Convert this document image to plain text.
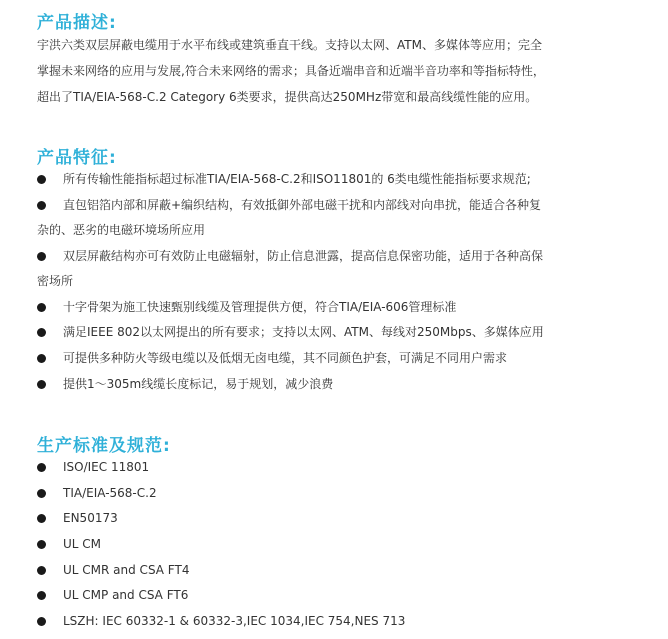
产品描述:
宇洪六类双层屏蔽电缆用于水平布线或建筑垂直干线。支持以太网、ATM、多媒体等应用；完全
掌握未来网络的应用与发展,符合未来网络的需求；具备近端串音和近端半音功率和等指标特性，
超出了TIA/EIA-568-C.2 Category 6类要求，提供高达250MHz带宽和最高线缆性能的应用。
产品特征:
所有传输性能指标超过标准TIA/EIA-568-C.2和ISO11801的 6类电缆性能指标要求规范;
直包铝箔内部和屏蔽+编织结构，有效抵御外部电磁干扰和内部线对向串扰，能适合各种复
杂的、恶劣的电磁环境场所应用
双层屏蔽结构亦可有效防止电磁辐射，防止信息泄露，提高信息保密功能，适用于各种高保
密场所
十字骨架为施工快速甄别线缆及管理提供方便，符合TIA/EIA-606管理标准
满足IEEE 802以太网提出的所有要求；支持以太网、ATM、每线对250Mbps、多媒体应用
可提供多种防火等级电缆以及低烟无卤电缆，其不同颜色护套，可满足不同用户需求
提供1～305m线缆长度标记，易于规划，减少浪费
生产标准及规范:
ISO/IEC 11801
TIA/EIA-568-C.2
EN50173
UL CM
UL CMR and CSA FT4
UL CMP and CSA FT6
LSZH: IEC 60332-1 & 60332-3,IEC 1034,IEC 754,NES 713
